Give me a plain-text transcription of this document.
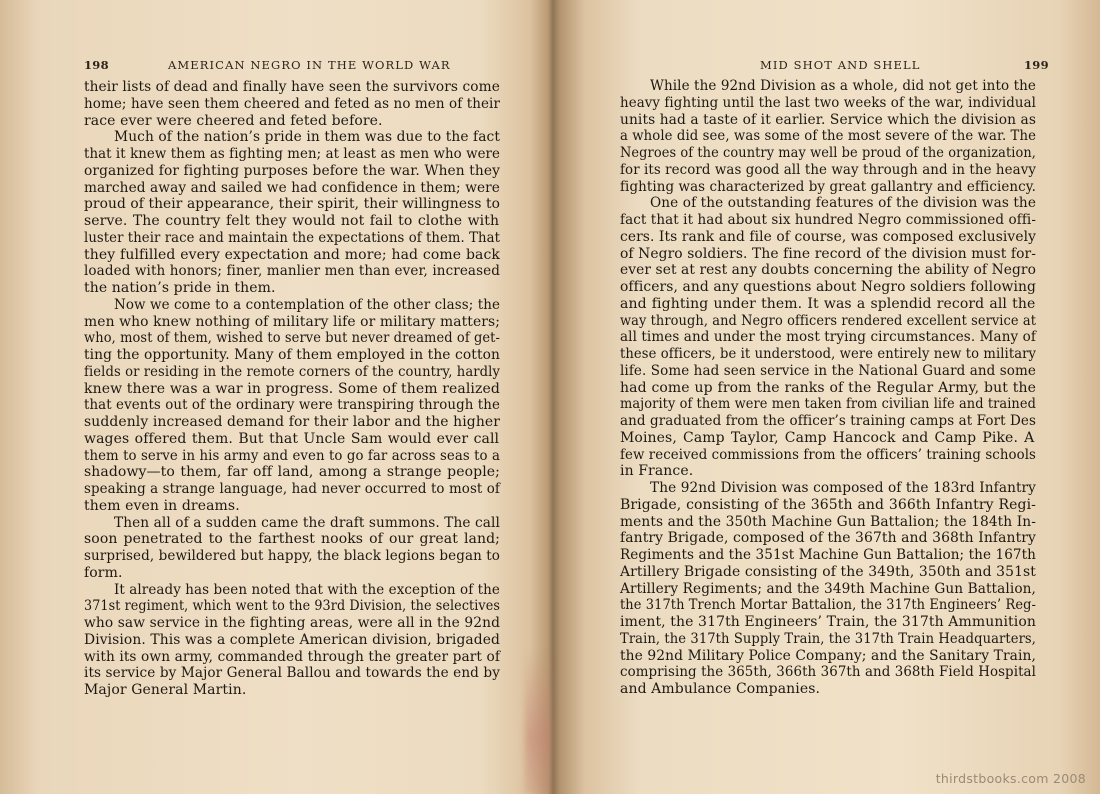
198	AMERICAN NEGRO IN THE WORLD WAR
their lists of dead and finally have seen the survivors come
home; have seen them cheered and feted as no men of their
race ever were cheered and feted before.
Much of the nation’s pride in them was due to the fact
that it knew them as fighting men; at least as men who were
organized for fighting purposes before the war. When they
marched away and sailed we had confidence in them; were
proud of their appearance, their spirit, their willingness to
serve. The country felt they would not fail to clothe with
luster their race and maintain the expectations of them. That
they fulfilled every expectation and more; had come back
loaded with honors; finer, manlier men than ever, increased
the nation’s pride in them.
Now we come to a contemplation of the other class; the
men who knew nothing of military life or military matters;
who, most of them, wished to serve but never dreamed of get-
ting the opportunity. Many of them employed in the cotton
fields or residing in the remote corners of the country, hardly
knew there was a war in progress. Some of them realized
that events out of the ordinary were transpiring through the
suddenly increased demand for their labor and the higher
wages offered them. But that Uncle Sam would ever call
them to serve in his army and even to go far across seas to a
shadowy—to them, far off land, among a strange people;
speaking a strange language, had never occurred to most of
them even in dreams.
Then all of a sudden came the draft summons. The call
soon penetrated to the farthest nooks of our great land;
surprised, bewildered but happy, the black legions began to
form.
It already has been noted that with the exception of the
371st regiment, which went to the 93rd Division, the selectives
who saw service in the fighting areas, were all in the 92nd
Division. This was a complete American division, brigaded
with its own army, commanded through the greater part of
its service by Major General Ballou and towards the end by
Major General Martin.
MID SHOT AND SHELL	199
While the 92nd Division as a whole, did not get into the
heavy fighting until the last two weeks of the war, individual
units had a taste of it earlier. Service which the division as
a whole did see, was some of the most severe of the war. The
Negroes of the country may well be proud of the organization,
for its record was good all the way through and in the heavy
fighting was characterized by great gallantry and efficiency.
One of the outstanding features of the division was the
fact that it had about six hundred Negro commissioned offi-
cers. Its rank and file of course, was composed exclusively
of Negro soldiers. The fine record of the division must for-
ever set at rest any doubts concerning the ability of Negro
officers, and any questions about Negro soldiers following
and fighting under them. It was a splendid record all the
way through, and Negro officers rendered excellent service at
all times and under the most trying circumstances. Many of
these officers, be it understood, were entirely new to military
life. Some had seen service in the National Guard and some
had come up from the ranks of the Regular Army, but the
majority of them were men taken from civilian life and trained
and graduated from the officer’s training camps at Fort Des
Moines, Camp Taylor, Camp Hancock and Camp Pike. A
few received commissions from the officers’ training schools
in France.
The 92nd Division was composed of the 183rd Infantry
Brigade, consisting of the 365th and 366th Infantry Regi-
ments and the 350th Machine Gun Battalion; the 184th In-
fantry Brigade, composed of the 367th and 368th Infantry
Regiments and the 351st Machine Gun Battalion; the 167th
Artillery Brigade consisting of the 349th, 350th and 351st
Artillery Regiments; and the 349th Machine Gun Battalion,
the 317th Trench Mortar Battalion, the 317th Engineers’ Reg-
iment, the 317th Engineers’ Train, the 317th Ammunition
Train, the 317th Supply Train, the 317th Train Headquarters,
the 92nd Military Police Company; and the Sanitary Train,
comprising the 365th, 366th 367th and 368th Field Hospital
and Ambulance Companies.
thirdstbooks.com 2008
